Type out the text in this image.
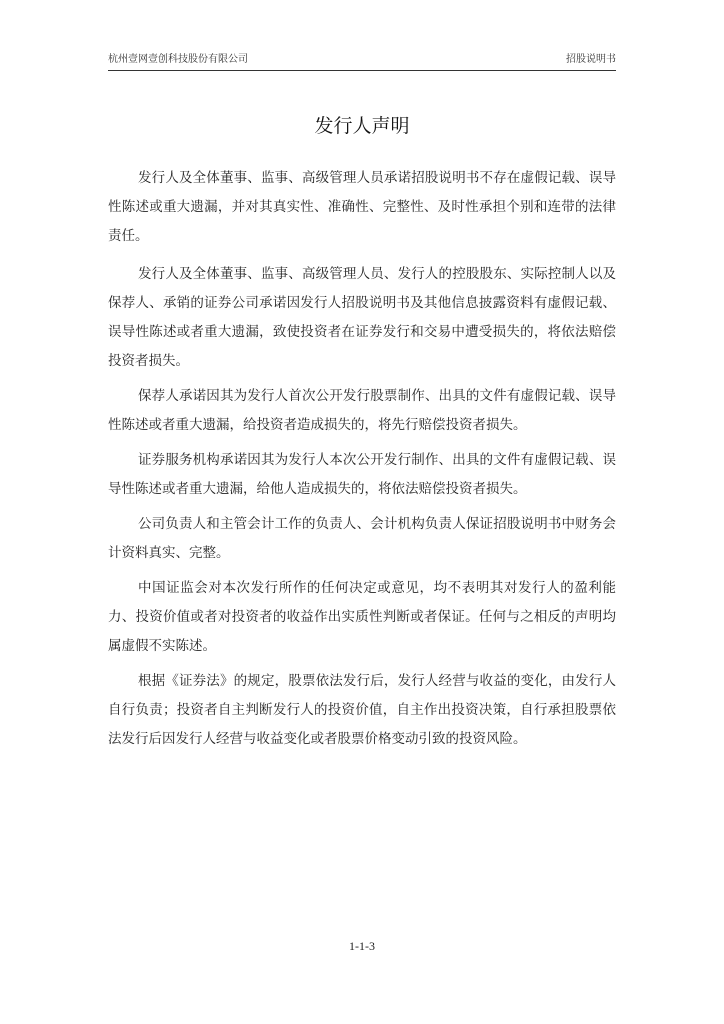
杭州壹网壹创科技股份有限公司	招股说明书
发行人声明

发行人及全体董事、监事、高级管理人员承诺招股说明书不存在虚假记载、误导性陈述或重大遗漏，并对其真实性、准确性、完整性、及时性承担个别和连带的法律责任。

发行人及全体董事、监事、高级管理人员、发行人的控股股东、实际控制人以及保荐人、承销的证券公司承诺因发行人招股说明书及其他信息披露资料有虚假记载、误导性陈述或者重大遗漏，致使投资者在证券发行和交易中遭受损失的，将依法赔偿投资者损失。

保荐人承诺因其为发行人首次公开发行股票制作、出具的文件有虚假记载、误导性陈述或者重大遗漏，给投资者造成损失的，将先行赔偿投资者损失。

证券服务机构承诺因其为发行人本次公开发行制作、出具的文件有虚假记载、误导性陈述或者重大遗漏，给他人造成损失的，将依法赔偿投资者损失。

公司负责人和主管会计工作的负责人、会计机构负责人保证招股说明书中财务会计资料真实、完整。

中国证监会对本次发行所作的任何决定或意见，均不表明其对发行人的盈利能力、投资价值或者对投资者的收益作出实质性判断或者保证。任何与之相反的声明均属虚假不实陈述。

根据《证券法》的规定，股票依法发行后，发行人经营与收益的变化，由发行人自行负责；投资者自主判断发行人的投资价值，自主作出投资决策，自行承担股票依法发行后因发行人经营与收益变化或者股票价格变动引致的投资风险。

1-1-3
